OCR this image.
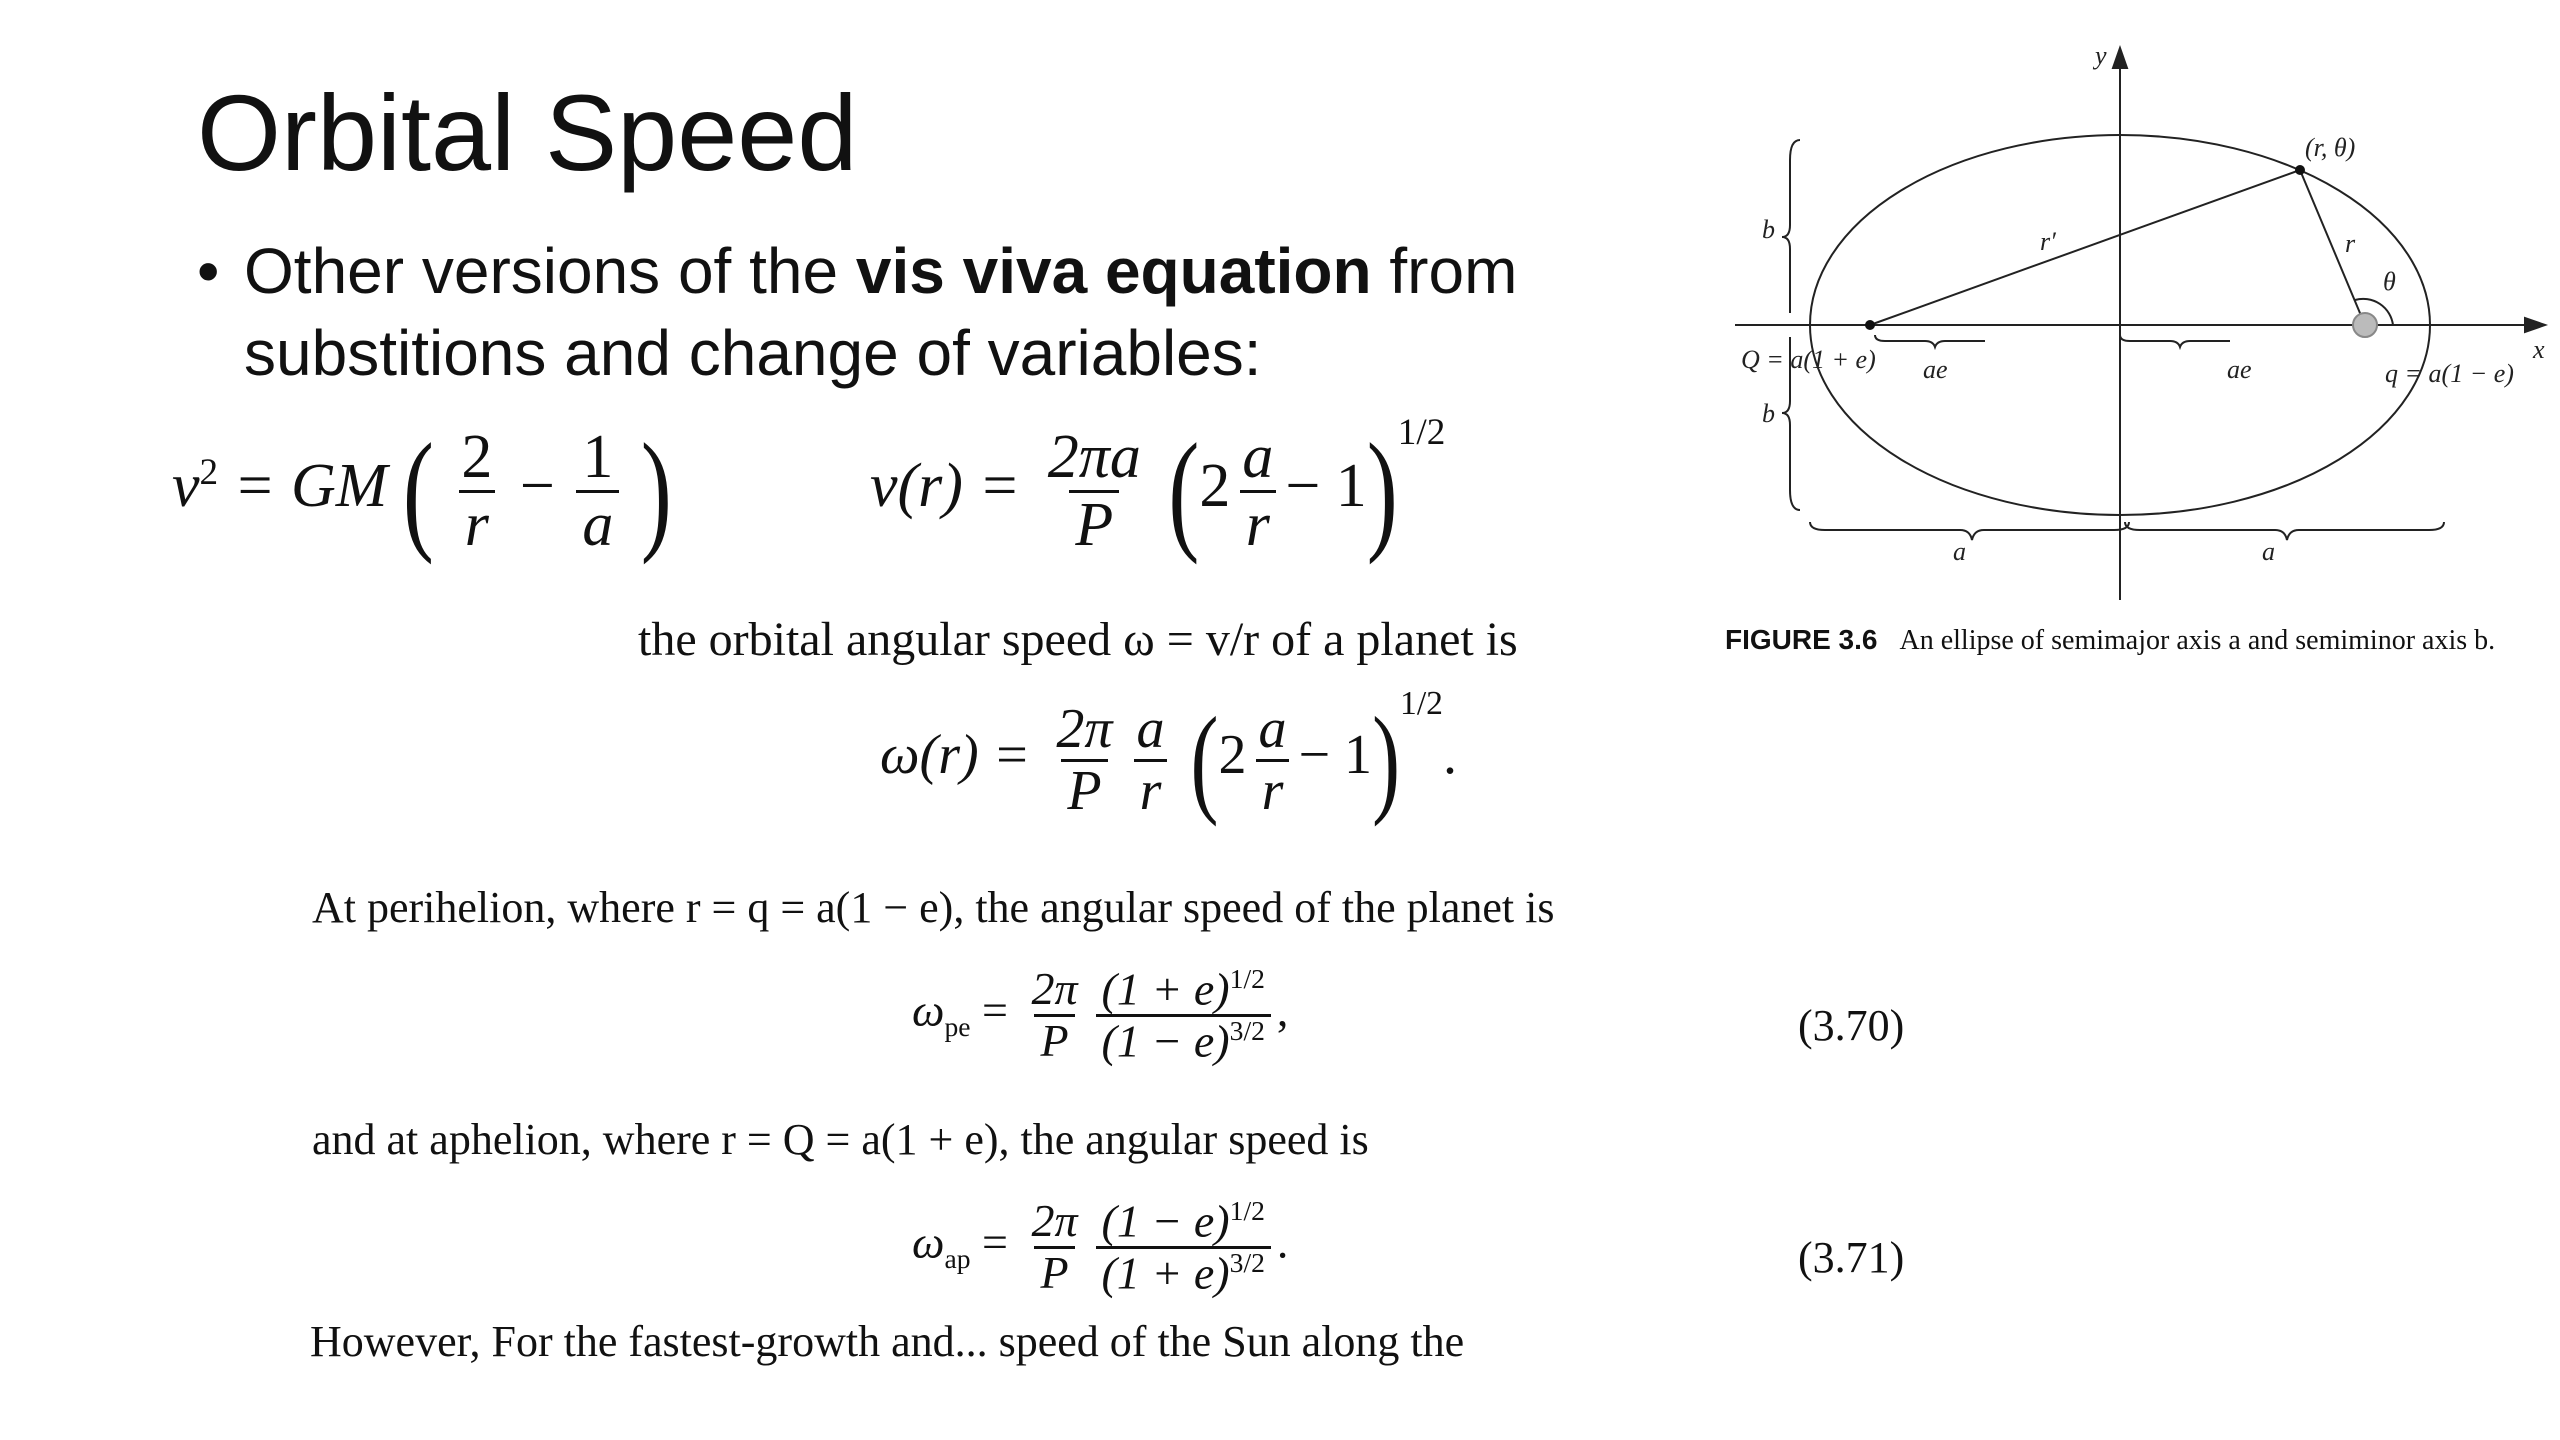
Orbital Speed
• Other versions of the vis viva equation from
substitions and change of variables:
$v^2$ = GM ( $\frac{2}{r} - \frac{1}{a}$ )	$v(r) = \frac{2\pi a}{P} (2 \frac{a}{r} - 1)^{1/2}$
the orbital angular speed ω = v/r of a planet is
$\omega(r) = \frac{2\pi}{P} \frac{a}{r} (2 \frac{a}{r} - 1)^{1/2}$.
At perihelion, where r = q = a(1 − e), the angular speed of the planet is
$\omega_{pe} = \frac{2\pi}{P} \frac{(1 + e)^{1/2}}{(1 - e)^{3/2}}$ ,	(3.70)
and at aphelion, where r = Q = a(1 + e), the angular speed is
$\omega_{ap} = \frac{2\pi}{P} \frac{(1 - e)^{1/2}}{(1 + e)^{3/2}}$ .	(3.71)
However, For the fastest-growth and... speed of the Sun along the
y
x
(r, θ)
r′	r
θ
b
b
Q = a(1 + e)	q = a(1 − e)
ae	ae
a	a
FIGURE 3.6 An ellipse of semimajor axis a and semiminor axis b.
